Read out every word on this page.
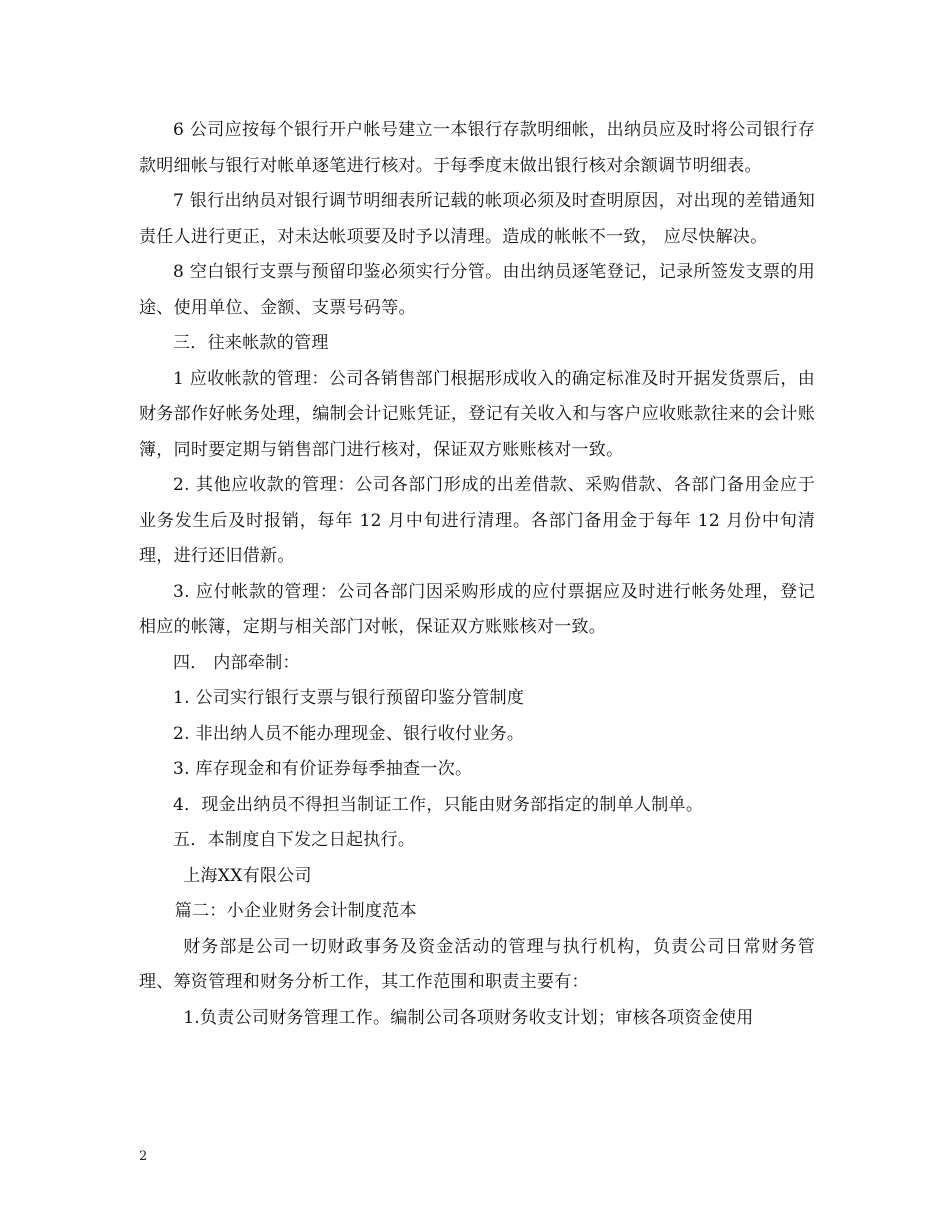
6 公司应按每个银行开户帐号建立一本银行存款明细帐，出纳员应及时将公司银行存款明细帐与银行对帐单逐笔进行核对。于每季度末做出银行核对余额调节明细表。

7 银行出纳员对银行调节明细表所记载的帐项必须及时查明原因，对出现的差错通知责任人进行更正，对未达帐项要及时予以清理。造成的帐帐不一致， 应尽快解决。

8 空白银行支票与预留印鉴必须实行分管。由出纳员逐笔登记，记录所签发支票的用途、使用单位、金额、支票号码等。

三．往来帐款的管理

1 应收帐款的管理：公司各销售部门根据形成收入的确定标准及时开据发货票后，由财务部作好帐务处理，编制会计记账凭证，登记有关收入和与客户应收账款往来的会计账簿，同时要定期与销售部门进行核对，保证双方账账核对一致。

2. 其他应收款的管理：公司各部门形成的出差借款、采购借款、各部门备用金应于业务发生后及时报销，每年 12 月中旬进行清理。各部门备用金于每年 12 月份中旬清理，进行还旧借新。

3. 应付帐款的管理：公司各部门因采购形成的应付票据应及时进行帐务处理，登记相应的帐簿，定期与相关部门对帐，保证双方账账核对一致。

四． 内部牵制：

1. 公司实行银行支票与银行预留印鉴分管制度

2. 非出纳人员不能办理现金、银行收付业务。

3. 库存现金和有价证券每季抽查一次。

4．现金出纳员不得担当制证工作，只能由财务部指定的制单人制单。

五．本制度自下发之日起执行。

上海XX有限公司

篇二：小企业财务会计制度范本

财务部是公司一切财政事务及资金活动的管理与执行机构，负责公司日常财务管理、筹资管理和财务分析工作，其工作范围和职责主要有：

1.负责公司财务管理工作。编制公司各项财务收支计划；审核各项资金使用

2
